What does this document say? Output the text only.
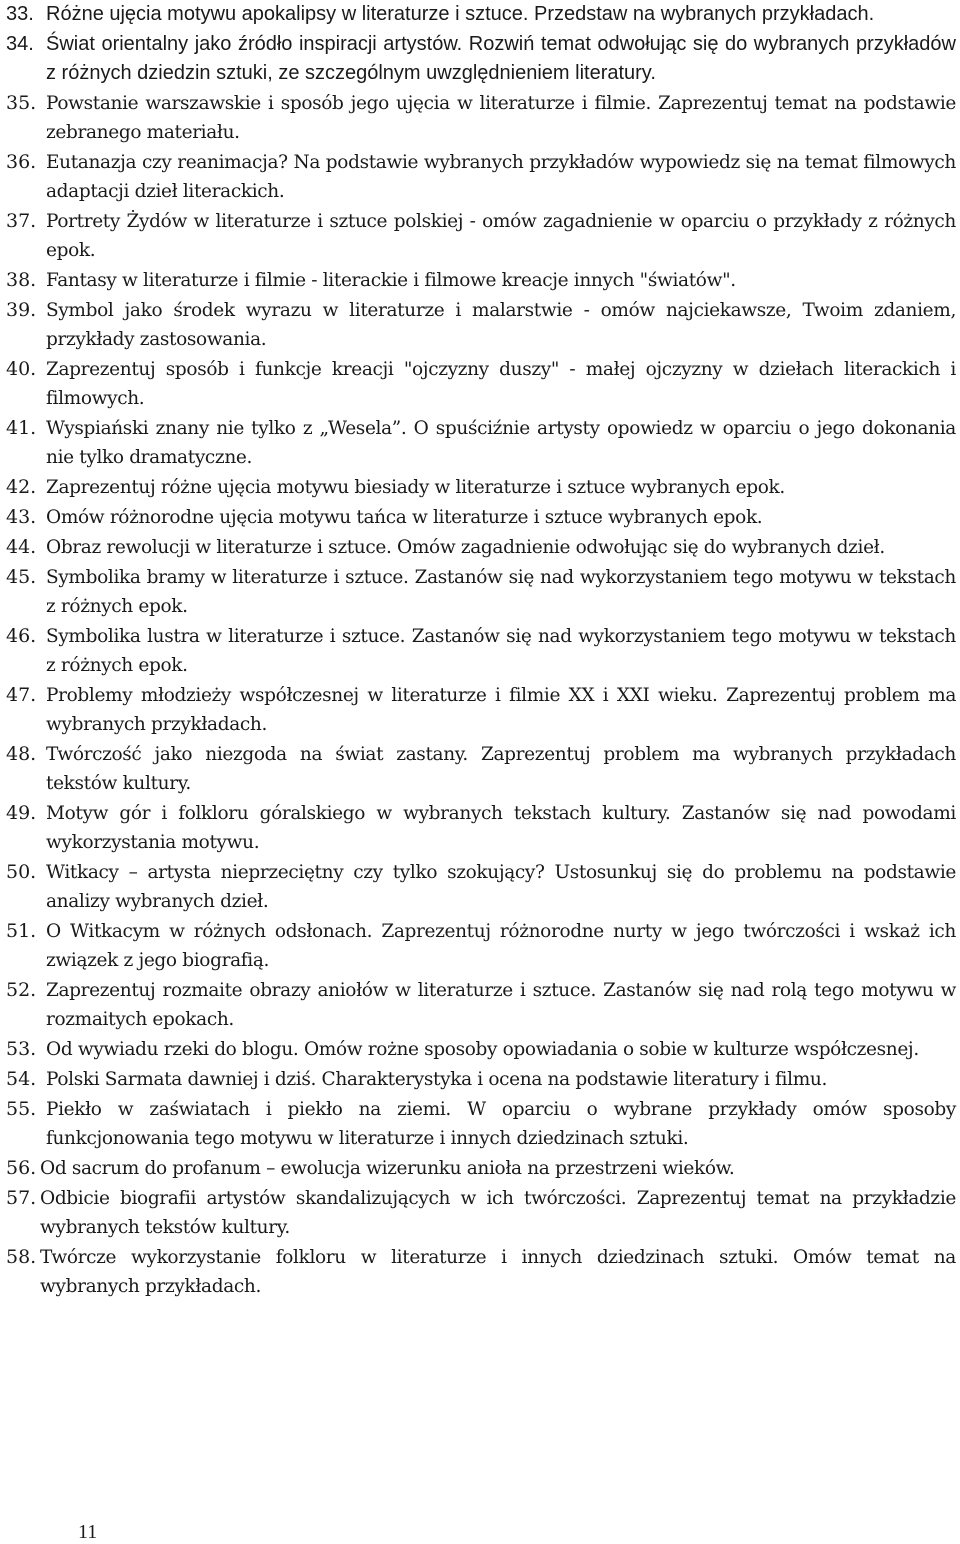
33. Różne ujęcia motywu apokalipsy w literaturze i sztuce. Przedstaw na wybranych przykładach.
34. Świat orientalny jako źródło inspiracji artystów. Rozwiń temat odwołując się do wybranych przykładów z różnych dziedzin sztuki, ze szczególnym uwzględnieniem literatury.
35. Powstanie warszawskie i sposób jego ujęcia w literaturze i filmie. Zaprezentuj temat na podstawie zebranego materiału.
36. Eutanazja czy reanimacja? Na podstawie wybranych przykładów wypowiedz się na temat filmowych adaptacji dzieł literackich.
37. Portrety Żydów w literaturze i sztuce polskiej - omów zagadnienie w oparciu o przykłady z różnych epok.
38. Fantasy w literaturze i filmie - literackie i filmowe kreacje innych "światów".
39. Symbol jako środek wyrazu w literaturze i malarstwie - omów najciekawsze, Twoim zdaniem, przykłady zastosowania.
40. Zaprezentuj sposób i funkcje kreacji "ojczyzny duszy" - małej ojczyzny w dziełach literackich i filmowych.
41. Wyspiański znany nie tylko z „Wesela”. O spuściźnie artysty opowiedz w oparciu o jego dokonania nie tylko dramatyczne.
42. Zaprezentuj różne ujęcia motywu biesiady w literaturze i sztuce wybranych epok.
43. Omów różnorodne ujęcia motywu tańca w literaturze i sztuce wybranych epok.
44. Obraz rewolucji w literaturze i sztuce. Omów zagadnienie odwołując się do wybranych dzieł.
45. Symbolika bramy w literaturze i sztuce. Zastanów się nad wykorzystaniem tego motywu w tekstach z różnych epok.
46. Symbolika lustra w literaturze i sztuce. Zastanów się nad wykorzystaniem tego motywu w tekstach z różnych epok.
47. Problemy młodzieży współczesnej w literaturze i filmie XX i XXI wieku. Zaprezentuj problem ma wybranych przykładach.
48. Twórczość jako niezgoda na świat zastany. Zaprezentuj problem ma wybranych przykładach tekstów kultury.
49. Motyw gór i folkloru góralskiego w wybranych tekstach kultury. Zastanów się nad powodami wykorzystania motywu.
50. Witkacy – artysta nieprzeciętny czy tylko szokujący? Ustosunkuj się do problemu na podstawie analizy wybranych dzieł.
51. O Witkacym w różnych odsłonach. Zaprezentuj różnorodne nurty w jego twórczości i wskaż ich związek z jego biografią.
52. Zaprezentuj rozmaite obrazy aniołów w literaturze i sztuce. Zastanów się nad rolą tego motywu w rozmaitych epokach.
53. Od wywiadu rzeki do blogu. Omów rożne sposoby opowiadania o sobie w kulturze współczesnej.
54. Polski Sarmata dawniej i dziś. Charakterystyka i ocena na podstawie literatury i filmu.
55. Piekło w zaświatach i piekło na ziemi. W oparciu o wybrane przykłady omów sposoby funkcjonowania tego motywu w literaturze i innych dziedzinach sztuki.
56. Od sacrum do profanum – ewolucja wizerunku anioła na przestrzeni wieków.
57. Odbicie biografii artystów skandalizujących w ich twórczości. Zaprezentuj temat na przykładzie wybranych tekstów kultury.
58. Twórcze wykorzystanie folkloru w literaturze i innych dziedzinach sztuki. Omów temat na wybranych przykładach.
11
